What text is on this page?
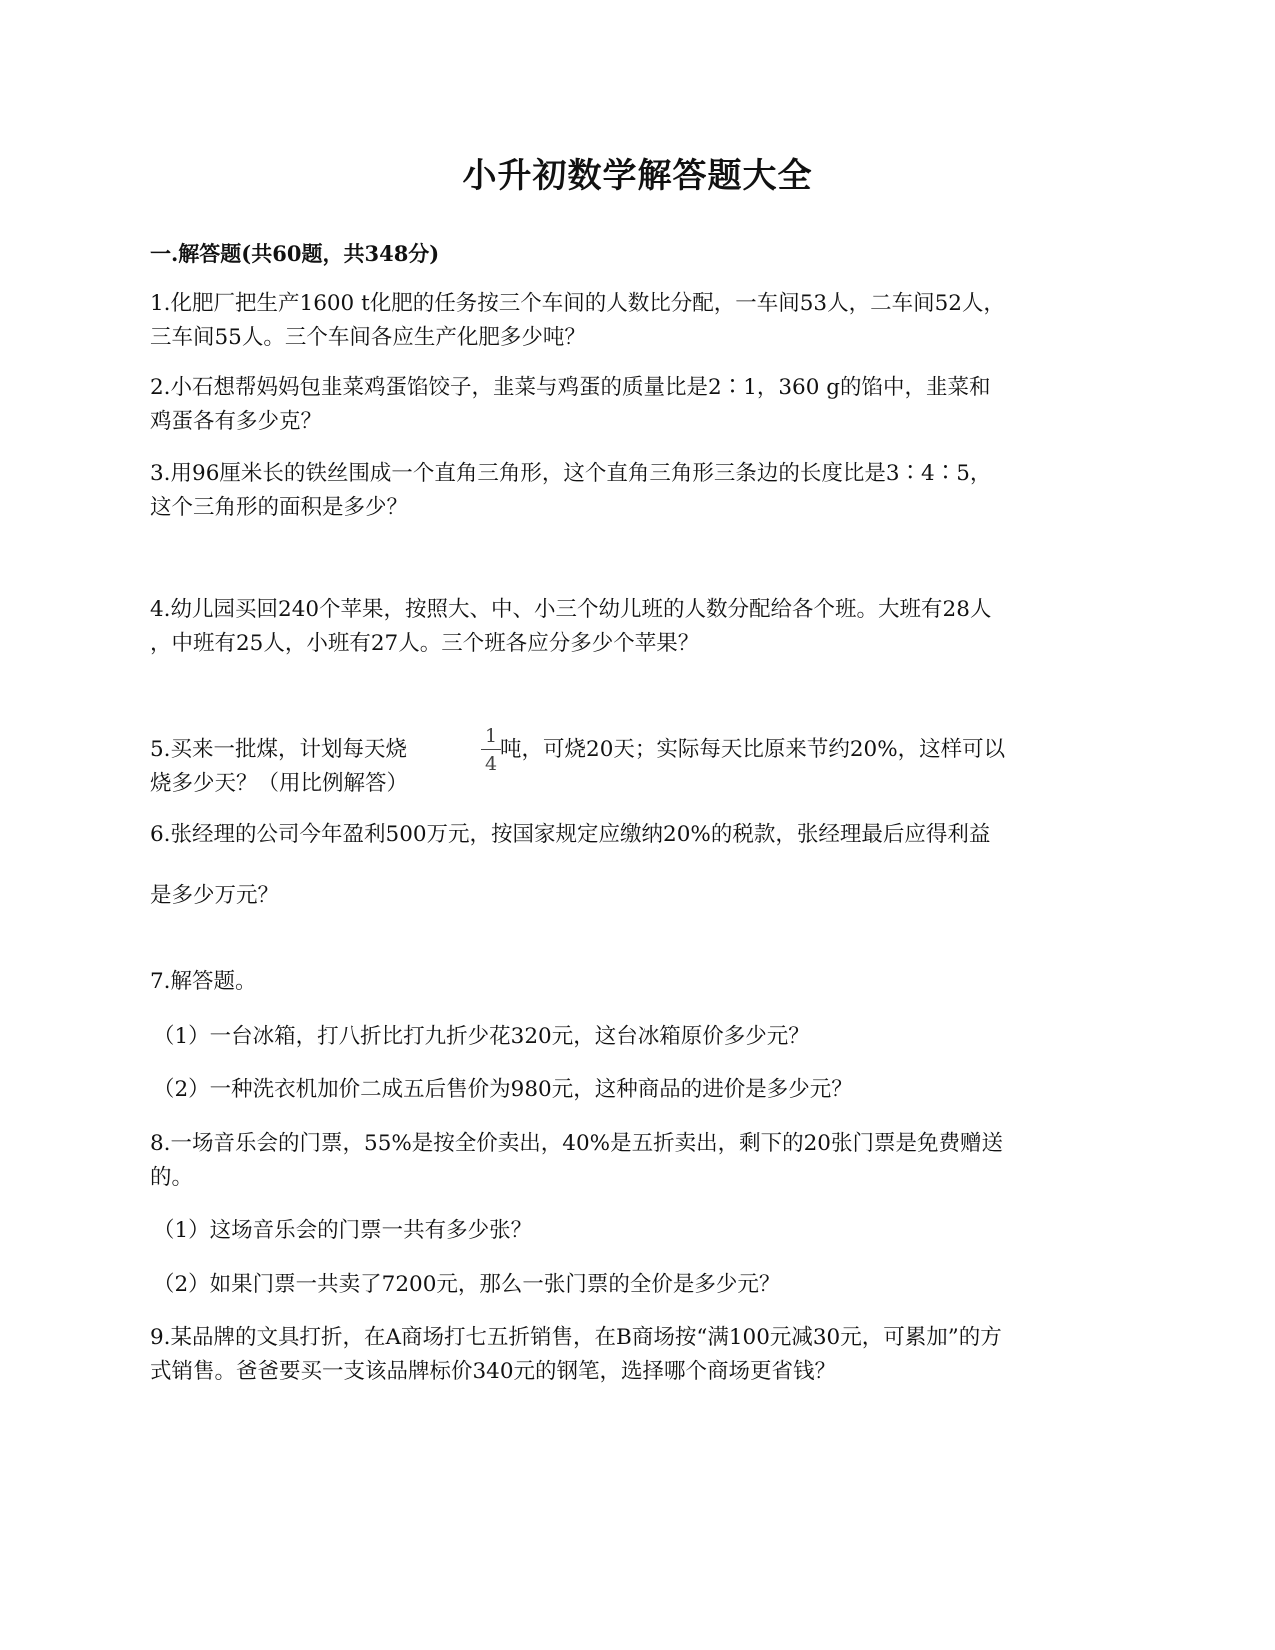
小升初数学解答题大全
一.解答题(共60题，共348分)
1.化肥厂把生产1600 t化肥的任务按三个车间的人数比分配，一车间53人，二车间52人，
三车间55人。三个车间各应生产化肥多少吨？
2.小石想帮妈妈包韭菜鸡蛋馅饺子，韭菜与鸡蛋的质量比是2∶1，360 g的馅中，韭菜和
鸡蛋各有多少克？
3.用96厘米长的铁丝围成一个直角三角形，这个直角三角形三条边的长度比是3∶4∶5，
这个三角形的面积是多少？
4.幼儿园买回240个苹果，按照大、中、小三个幼儿班的人数分配给各个班。大班有28人
，中班有25人，小班有27人。三个班各应分多少个苹果？
1
4
5.买来一批煤，计划每天烧	吨，可烧20天；实际每天比原来节约20%，这样可以
烧多少天？（用比例解答）
6.张经理的公司今年盈利500万元，按国家规定应缴纳20%的税款，张经理最后应得利益
是多少万元？
7.解答题。
（1）一台冰箱，打八折比打九折少花320元，这台冰箱原价多少元？
（2）一种洗衣机加价二成五后售价为980元，这种商品的进价是多少元？
8.一场音乐会的门票，55%是按全价卖出，40%是五折卖出，剩下的20张门票是免费赠送
的。
（1）这场音乐会的门票一共有多少张？
（2）如果门票一共卖了7200元，那么一张门票的全价是多少元？
9.某品牌的文具打折，在A商场打七五折销售，在B商场按“满100元减30元，可累加”的方
式销售。爸爸要买一支该品牌标价340元的钢笔，选择哪个商场更省钱？
